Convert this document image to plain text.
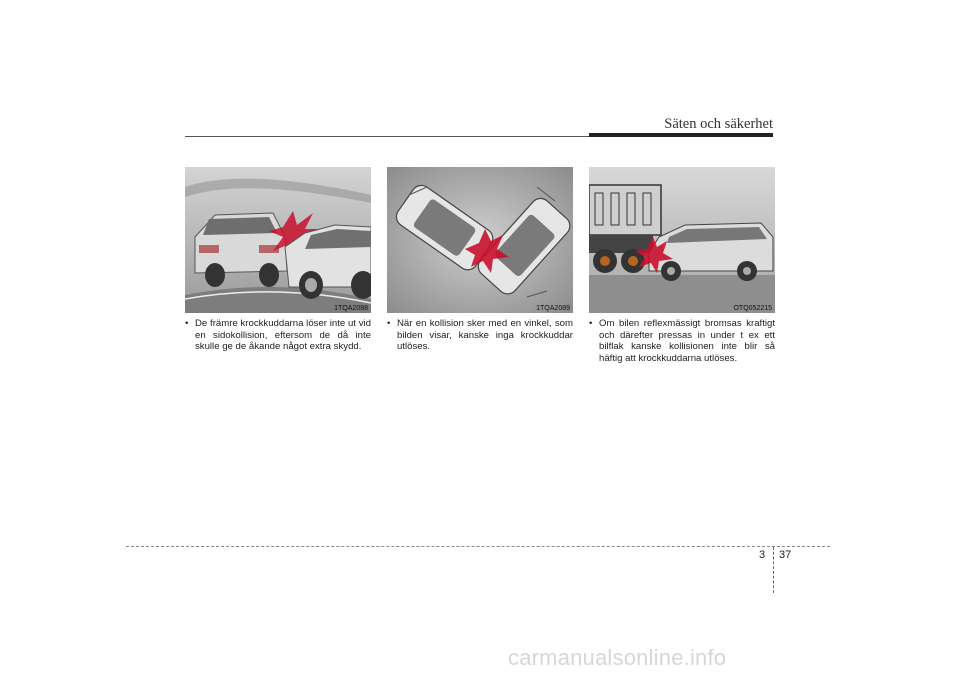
Säten och säkerhet
1TQA2088	1TQA2089	OTQ052215
• De främre krockkuddarna löser inte ut vid en sidokollision, eftersom de då inte skulle ge de åkande något extra skydd.
• När en kollision sker med en vinkel, som bilden visar, kanske inga krockkuddar utlöses.
• Om bilen reflexmässigt bromsas kraftigt och därefter pressas in under t ex ett bilflak kanske kollisionen inte blir så häftig att krockkuddarna utlöses.
3 37
carmanualsonline.info
